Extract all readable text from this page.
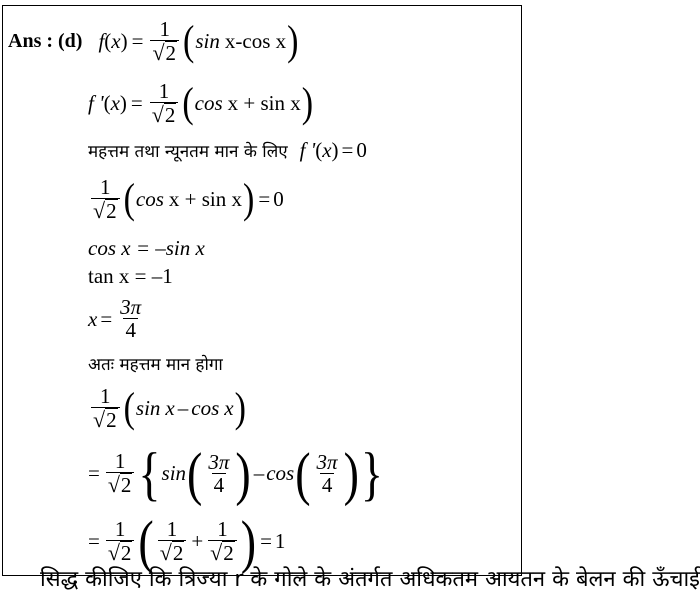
Ans : (d) f ( x ) = $\frac{1}{√ 2}$ ( sin x-cos x )
f ' ( x ) = $\frac{1}{√ 2}$ ( cos x + sin x )
महत्तम तथा न्यूनतम मान के लिए f ' ( x ) = 0
$\frac{1}{√ 2}$ ( cos x + sin x ) = 0
cos x = –sin x
tan x = –1
$x = \frac{3\pi}{4}$
अतः महत्तम मान होगा
$\frac{1}{√ 2}$ ( sin x – cos x )
= $\frac{1}{√ 2}$ { sin ( $\frac{3\pi}{4}$ ) – cos ( $\frac{3\pi}{4}$ ) }
= $\frac{1}{√ 2}$ ( $\frac{1}{√ 2} + \frac{1}{√ 2}$ ) = 1
सिद्ध कीजिए कि त्रिज्या r के गोले के अंतर्गत अधिकतम आयतन के बेलन की ऊँचाई
